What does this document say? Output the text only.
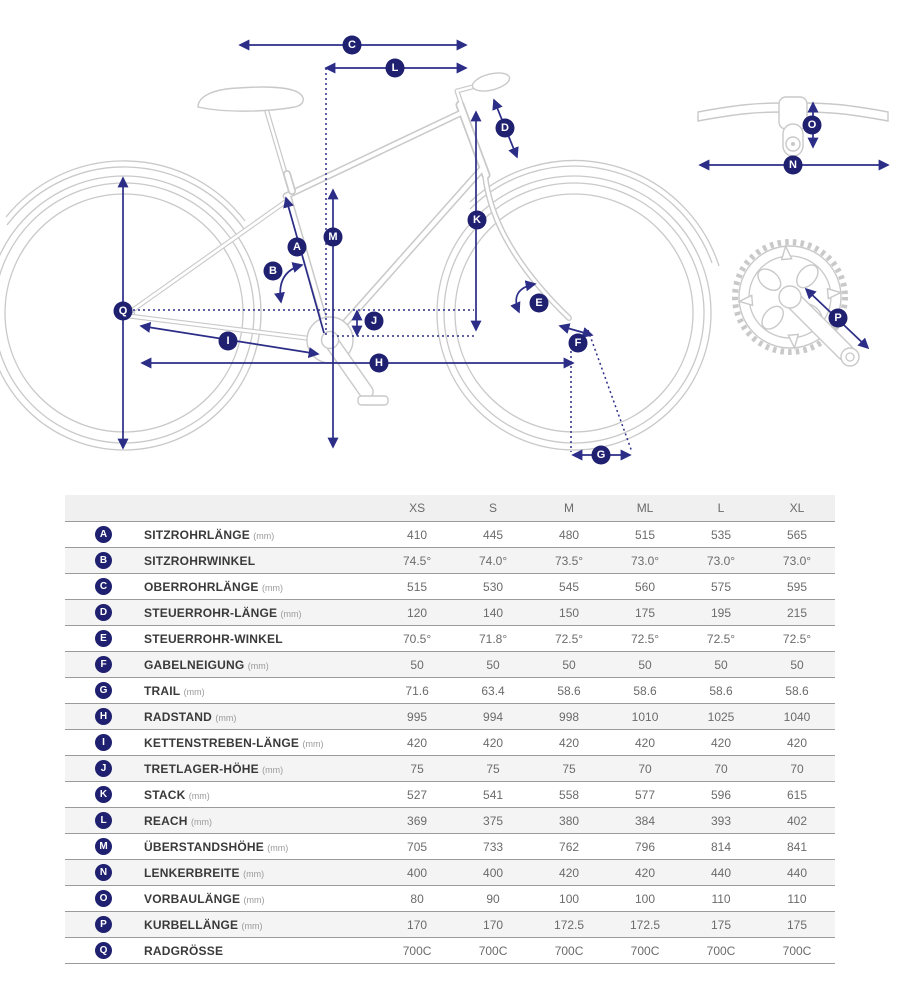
A
B
C
D
E
F
G
H
I
J
K
L
M
N
O
P
Q
		XS	S	M	ML	L	XL
A	SITZROHRLÄNGE (mm)	410	445	480	515	535	565
B	SITZROHRWINKEL	74.5°	74.0°	73.5°	73.0°	73.0°	73.0°
C	OBERROHRLÄNGE (mm)	515	530	545	560	575	595
D	STEUERROHR-LÄNGE (mm)	120	140	150	175	195	215
E	STEUERROHR-WINKEL	70.5°	71.8°	72.5°	72.5°	72.5°	72.5°
F	GABELNEIGUNG (mm)	50	50	50	50	50	50
G	TRAIL (mm)	71.6	63.4	58.6	58.6	58.6	58.6
H	RADSTAND (mm)	995	994	998	1010	1025	1040
I	KETTENSTREBEN-LÄNGE (mm)	420	420	420	420	420	420
J	TRETLAGER-HÖHE (mm)	75	75	75	70	70	70
K	STACK (mm)	527	541	558	577	596	615
L	REACH (mm)	369	375	380	384	393	402
M	ÜBERSTANDSHÖHE (mm)	705	733	762	796	814	841
N	LENKERBREITE (mm)	400	400	420	420	440	440
O	VORBAULÄNGE (mm)	80	90	100	100	110	110
P	KURBELLÄNGE (mm)	170	170	172.5	172.5	175	175
Q	RADGRÖSSE	700C	700C	700C	700C	700C	700C
